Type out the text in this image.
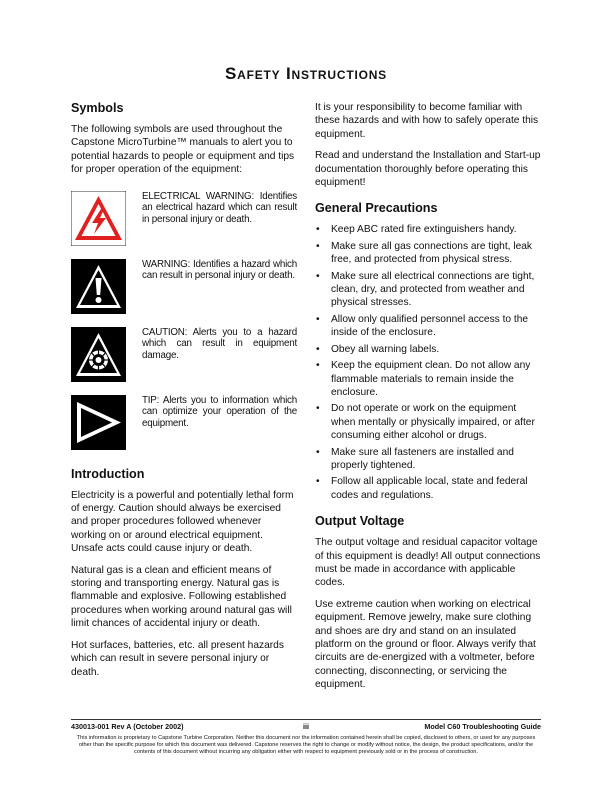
Safety Instructions
Symbols

The following symbols are used throughout the Capstone MicroTurbine™ manuals to alert you to potential hazards to people or equipment and tips for proper operation of the equipment:

ELECTRICAL WARNING: Identifies an electrical hazard which can result in personal injury or death.
WARNING: Identifies a hazard which can result in personal injury or death.
CAUTION: Alerts you to a hazard which can result in equipment damage.
TIP: Alerts you to information which can optimize your operation of the equipment.
Introduction

Electricity is a powerful and potentially lethal form of energy. Caution should always be exercised and proper procedures followed whenever working on or around electrical equipment. Unsafe acts could cause injury or death.

Natural gas is a clean and efficient means of storing and transporting energy. Natural gas is flammable and explosive. Following established procedures when working around natural gas will limit chances of accidental injury or death.

Hot surfaces, batteries, etc. all present hazards which can result in severe personal injury or death.

It is your responsibility to become familiar with these hazards and with how to safely operate this equipment.

Read and understand the Installation and Start-up documentation thoroughly before operating this equipment!

General Precautions
• Keep ABC rated fire extinguishers handy.
• Make sure all gas connections are tight, leak free, and protected from physical stress.
• Make sure all electrical connections are tight, clean, dry, and protected from weather and physical stresses.
• Allow only qualified personnel access to the inside of the enclosure.
• Obey all warning labels.
• Keep the equipment clean. Do not allow any flammable materials to remain inside the enclosure.
• Do not operate or work on the equipment when mentally or physically impaired, or after consuming either alcohol or drugs.
• Make sure all fasteners are installed and properly tightened.
• Follow all applicable local, state and federal codes and regulations.
Output Voltage

The output voltage and residual capacitor voltage of this equipment is deadly! All output connections must be made in accordance with applicable codes.

Use extreme caution when working on electrical equipment. Remove jewelry, make sure clothing and shoes are dry and stand on an insulated platform on the ground or floor. Always verify that circuits are de-energized with a voltmeter, before connecting, disconnecting, or servicing the equipment.

430013-001 Rev A (October 2002)	iii	Model C60 Troubleshooting Guide
This information is proprietary to Capstone Turbine Corporation. Neither this document nor the information contained herein shall be copied, disclosed to others, or used for any purposes other than the specific purpose for which this document was delivered. Capstone reserves the right to change or modify without notice, the design, the product specifications, and/or the contents of this document without incurring any obligation either with respect to equipment previously sold or in the process of construction.
